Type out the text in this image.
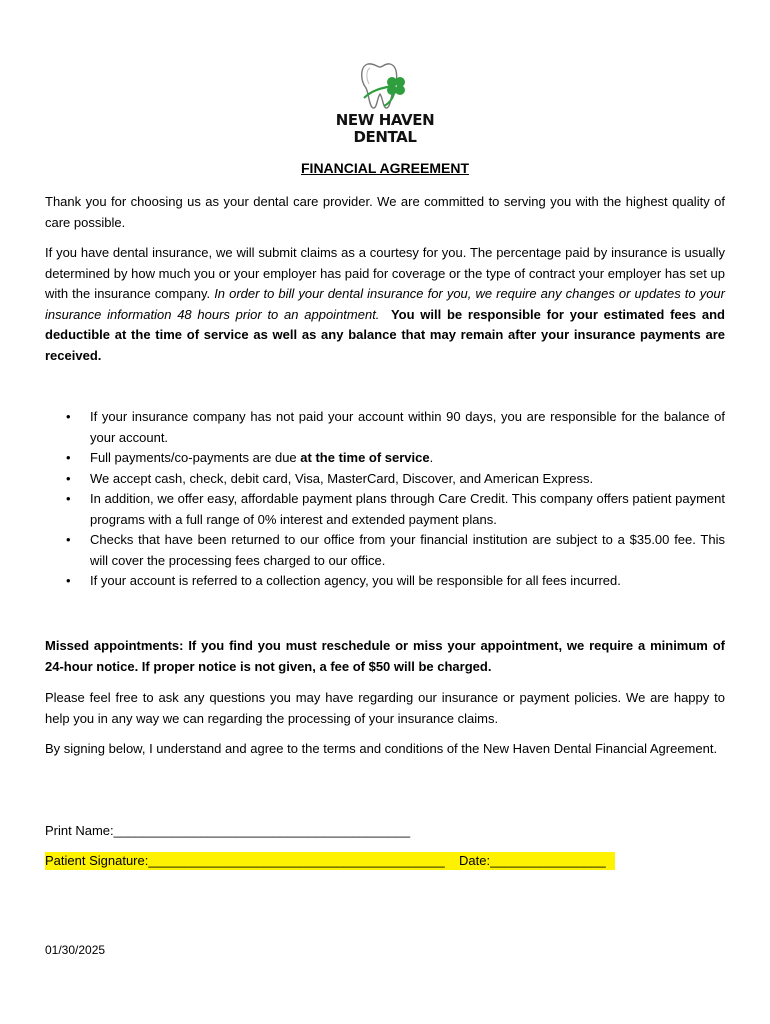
NEW HAVEN
DENTAL
FINANCIAL AGREEMENT
Thank you for choosing us as your dental care provider. We are committed to serving you with the highest quality of care possible.
If you have dental insurance, we will submit claims as a courtesy for you. The percentage paid by insurance is usually determined by how much you or your employer has paid for coverage or the type of contract your employer has set up with the insurance company. In order to bill your dental insurance for you, we require any changes or updates to your insurance information 48 hours prior to an appointment. You will be responsible for your estimated fees and deductible at the time of service as well as any balance that may remain after your insurance payments are received.
• If your insurance company has not paid your account within 90 days, you are responsible for the balance of your account.
• Full payments/co-payments are due at the time of service.
• We accept cash, check, debit card, Visa, MasterCard, Discover, and American Express.
• In addition, we offer easy, affordable payment plans through Care Credit. This company offers patient payment programs with a full range of 0% interest and extended payment plans.
• Checks that have been returned to our office from your financial institution are subject to a $35.00 fee. This will cover the processing fees charged to our office.
• If your account is referred to a collection agency, you will be responsible for all fees incurred.
Missed appointments: If you find you must reschedule or miss your appointment, we require a minimum of 24-hour notice. If proper notice is not given, a fee of $50 will be charged.
Please feel free to ask any questions you may have regarding our insurance or payment policies. We are happy to help you in any way we can regarding the processing of your insurance claims.
By signing below, I understand and agree to the terms and conditions of the New Haven Dental Financial Agreement.
Print Name:_________________________________________
Patient Signature:_________________________________________ Date:________________
01/30/2025
